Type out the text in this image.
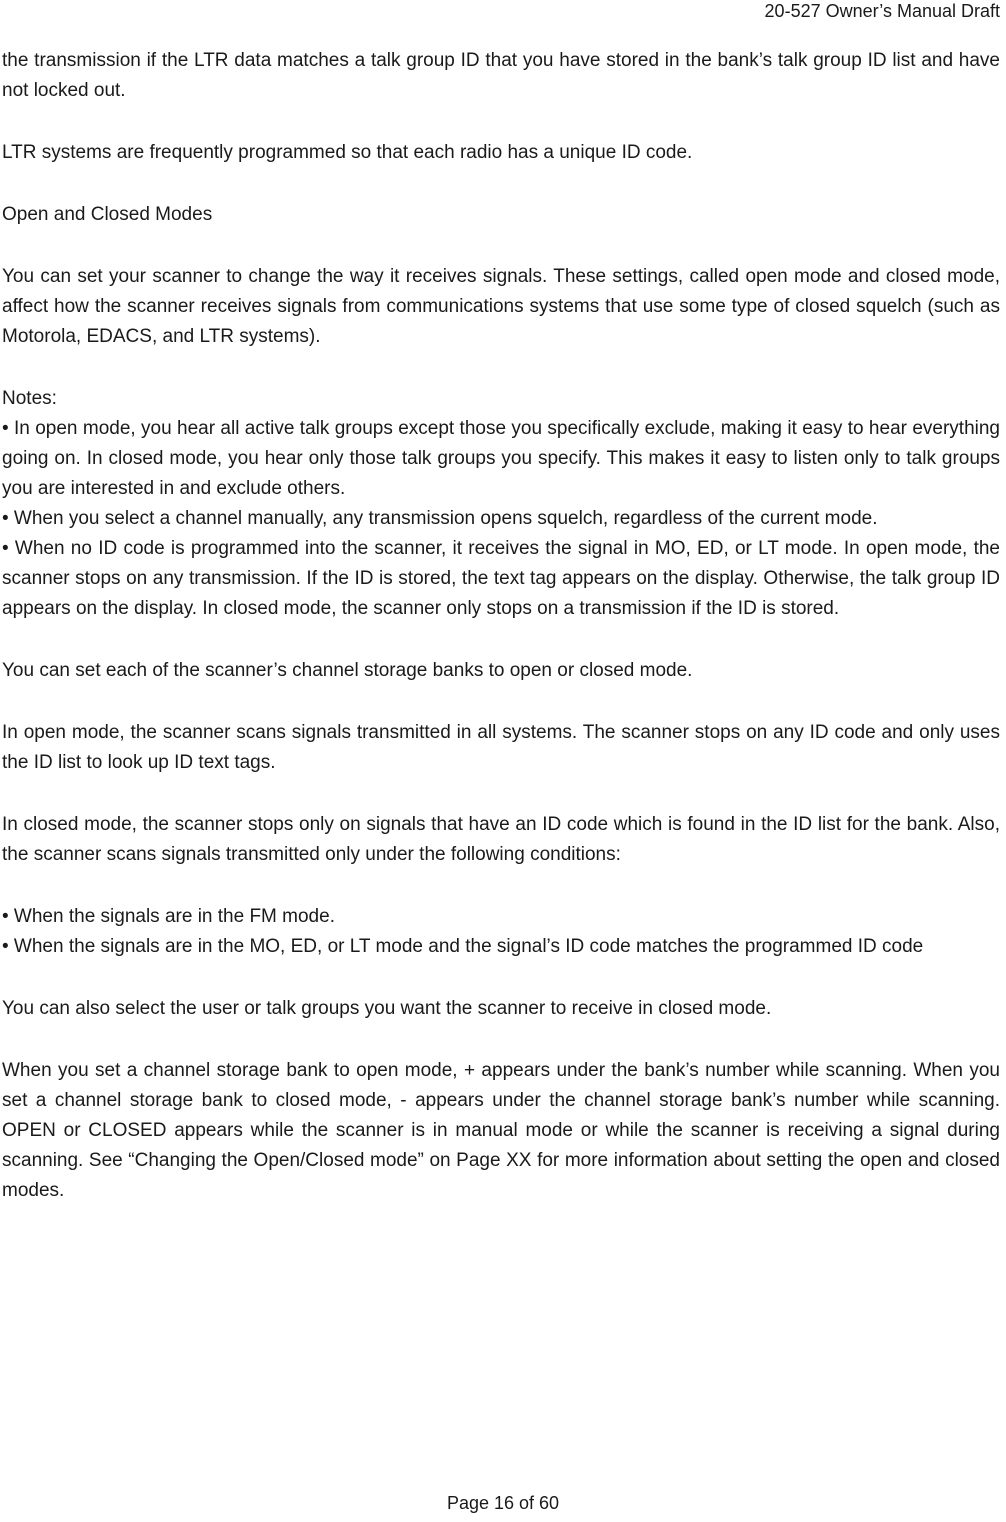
20-527 Owner’s Manual Draft

the transmission if the LTR data matches a talk group ID that you have stored in the bank’s talk group ID list and have not locked out.

LTR systems are frequently programmed so that each radio has a unique ID code.

Open and Closed Modes

You can set your scanner to change the way it receives signals. These settings, called open mode and closed mode, affect how the scanner receives signals from communications systems that use some type of closed squelch (such as Motorola, EDACS, and LTR systems).

Notes:

• In open mode, you hear all active talk groups except those you specifically exclude, making it easy to hear everything going on. In closed mode, you hear only those talk groups you specify. This makes it easy to listen only to talk groups you are interested in and exclude others.

• When you select a channel manually, any transmission opens squelch, regardless of the current mode.

• When no ID code is programmed into the scanner, it receives the signal in MO, ED, or LT mode. In open mode, the scanner stops on any transmission. If the ID is stored, the text tag appears on the display. Otherwise, the talk group ID appears on the display. In closed mode, the scanner only stops on a transmission if the ID is stored.

You can set each of the scanner’s channel storage banks to open or closed mode.

In open mode, the scanner scans signals transmitted in all systems. The scanner stops on any ID code and only uses the ID list to look up ID text tags.

In closed mode, the scanner stops only on signals that have an ID code which is found in the ID list for the bank. Also, the scanner scans signals transmitted only under the following conditions:

• When the signals are in the FM mode.

• When the signals are in the MO, ED, or LT mode and the signal’s ID code matches the programmed ID code

You can also select the user or talk groups you want the scanner to receive in closed mode.

When you set a channel storage bank to open mode, + appears under the bank’s number while scanning. When you set a channel storage bank to closed mode, - appears under the channel storage bank’s number while scanning. OPEN or CLOSED appears while the scanner is in manual mode or while the scanner is receiving a signal during scanning. See “Changing the Open/Closed mode” on Page XX for more information about setting the open and closed modes.

Page 16 of 60
